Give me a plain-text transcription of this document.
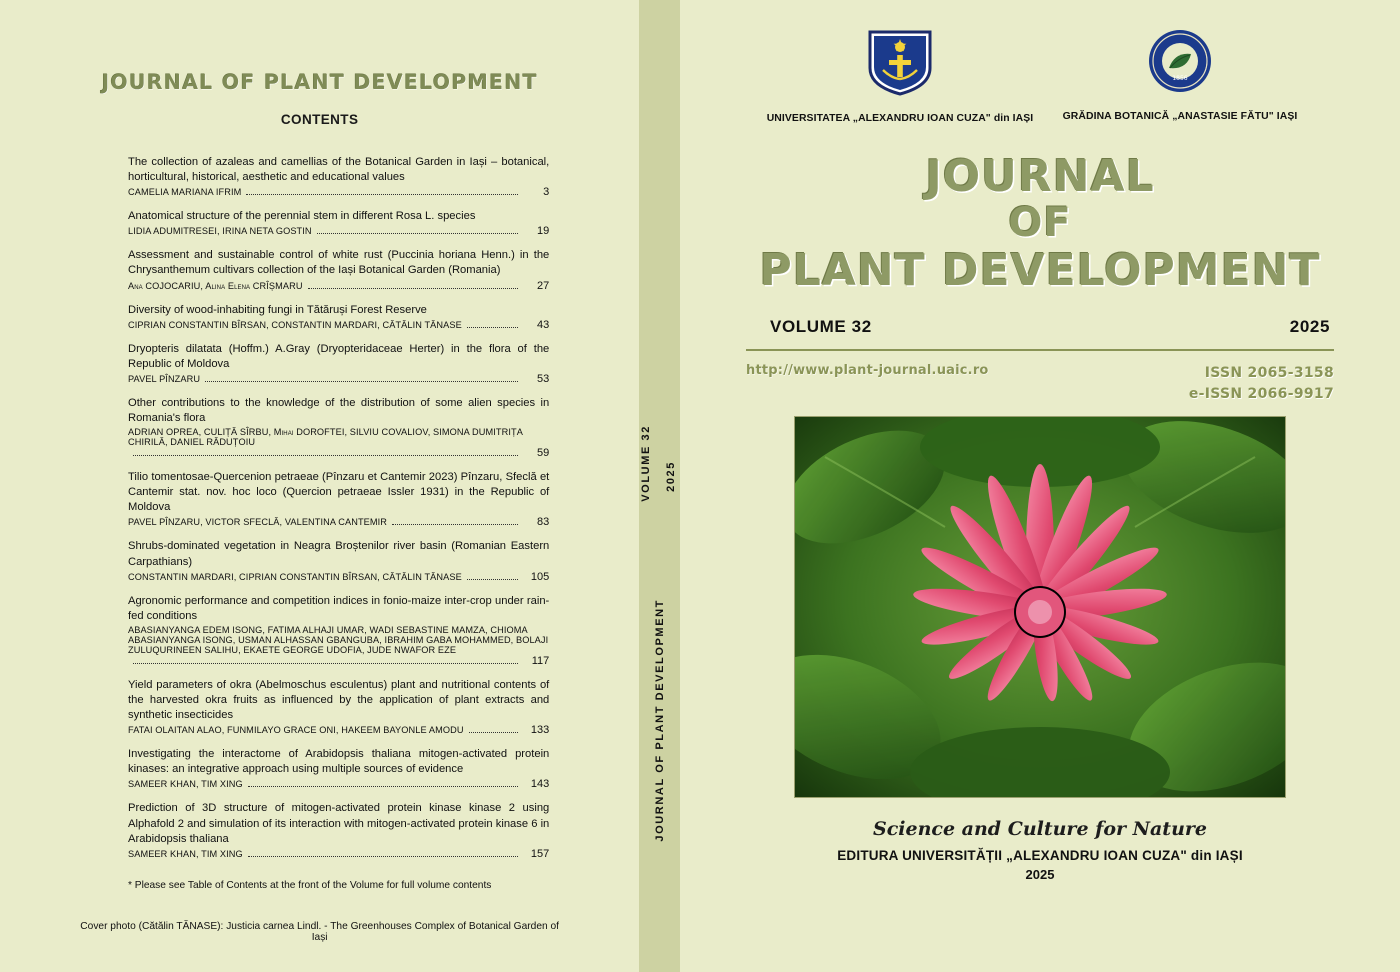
JOURNAL OF PLANT DEVELOPMENT
CONTENTS
The collection of azaleas and camellias of the Botanical Garden in Iași – botanical, horticultural, historical, aesthetic and educational values
CAMELIA MARIANA IFRIM	3
Anatomical structure of the perennial stem in different Rosa L. species
LIDIA ADUMITRESEI, IRINA NETA GOSTIN	19
Assessment and sustainable control of white rust (Puccinia horiana Henn.) in the Chrysanthemum cultivars collection of the Iași Botanical Garden (Romania)
Ana COJOCARIU, Alina Elena CRÎȘMARU	27
Diversity of wood-inhabiting fungi in Tătăruși Forest Reserve
CIPRIAN CONSTANTIN BÎRSAN, CONSTANTIN MARDARI, CĂTĂLIN TĂNASE	43
Dryopteris dilatata (Hoffm.) A.Gray (Dryopteridaceae Herter) in the flora of the Republic of Moldova
PAVEL PÎNZARU	53
Other contributions to the knowledge of the distribution of some alien species in Romania's flora
ADRIAN OPREA, CULIȚĂ SÎRBU, Mihai DOROFTEI, SILVIU COVALIOV, SIMONA DUMITRIȚA CHIRILĂ, DANIEL RĂDUȚOIU
59
Tilio tomentosae-Quercenion petraeae (Pînzaru et Cantemir 2023) Pînzaru, Sfeclă et Cantemir stat. nov. hoc loco (Quercion petraeae Issler 1931) in the Republic of Moldova
PAVEL PÎNZARU, VICTOR SFECLĂ, VALENTINA CANTEMIR	83
Shrubs-dominated vegetation in Neagra Broștenilor river basin (Romanian Eastern Carpathians)
CONSTANTIN MARDARI, CIPRIAN CONSTANTIN BÎRSAN, CĂTĂLIN TĂNASE	105
Agronomic performance and competition indices in fonio-maize inter-crop under rain-fed conditions
ABASIANYANGA EDEM ISONG, FATIMA ALHAJI UMAR, WADI SEBASTINE MAMZA, CHIOMA ABASIANYANGA ISONG, USMAN ALHASSAN GBANGUBA, IBRAHIM GABA MOHAMMED, BOLAJI ZULUQURINEEN SALIHU, EKAETE GEORGE UDOFIA, JUDE NWAFOR EZE
117
Yield parameters of okra (Abelmoschus esculentus) plant and nutritional contents of the harvested okra fruits as influenced by the application of plant extracts and synthetic insecticides
FATAI OLAITAN ALAO, FUNMILAYO GRACE ONI, HAKEEM BAYONLE AMODU	133
Investigating the interactome of Arabidopsis thaliana mitogen-activated protein kinases: an integrative approach using multiple sources of evidence
SAMEER KHAN, TIM XING	143
Prediction of 3D structure of mitogen-activated protein kinase kinase 2 using Alphafold 2 and simulation of its interaction with mitogen-activated protein kinase 6 in Arabidopsis thaliana
SAMEER KHAN, TIM XING	157
* Please see Table of Contents at the front of the Volume for full volume contents
Cover photo (Cătălin TĂNASE): Justicia carnea Lindl. - The Greenhouses Complex of Botanical Garden of Iași
JOURNAL OF PLANT DEVELOPMENT
VOLUME 32 2025
UNIVERSITATEA „ALEXANDRU IOAN CUZA" din IAȘI
1856
GRĂDINA BOTANICĂ „ANASTASIE FĂTU" IAȘI
JOURNAL
OF
PLANT DEVELOPMENT
VOLUME 32	2025
http://www.plant-journal.uaic.ro	ISSN 2065-3158
e-ISSN 2066-9917
Science and Culture for Nature
EDITURA UNIVERSITĂȚII „ALEXANDRU IOAN CUZA" din IAȘI
2025
